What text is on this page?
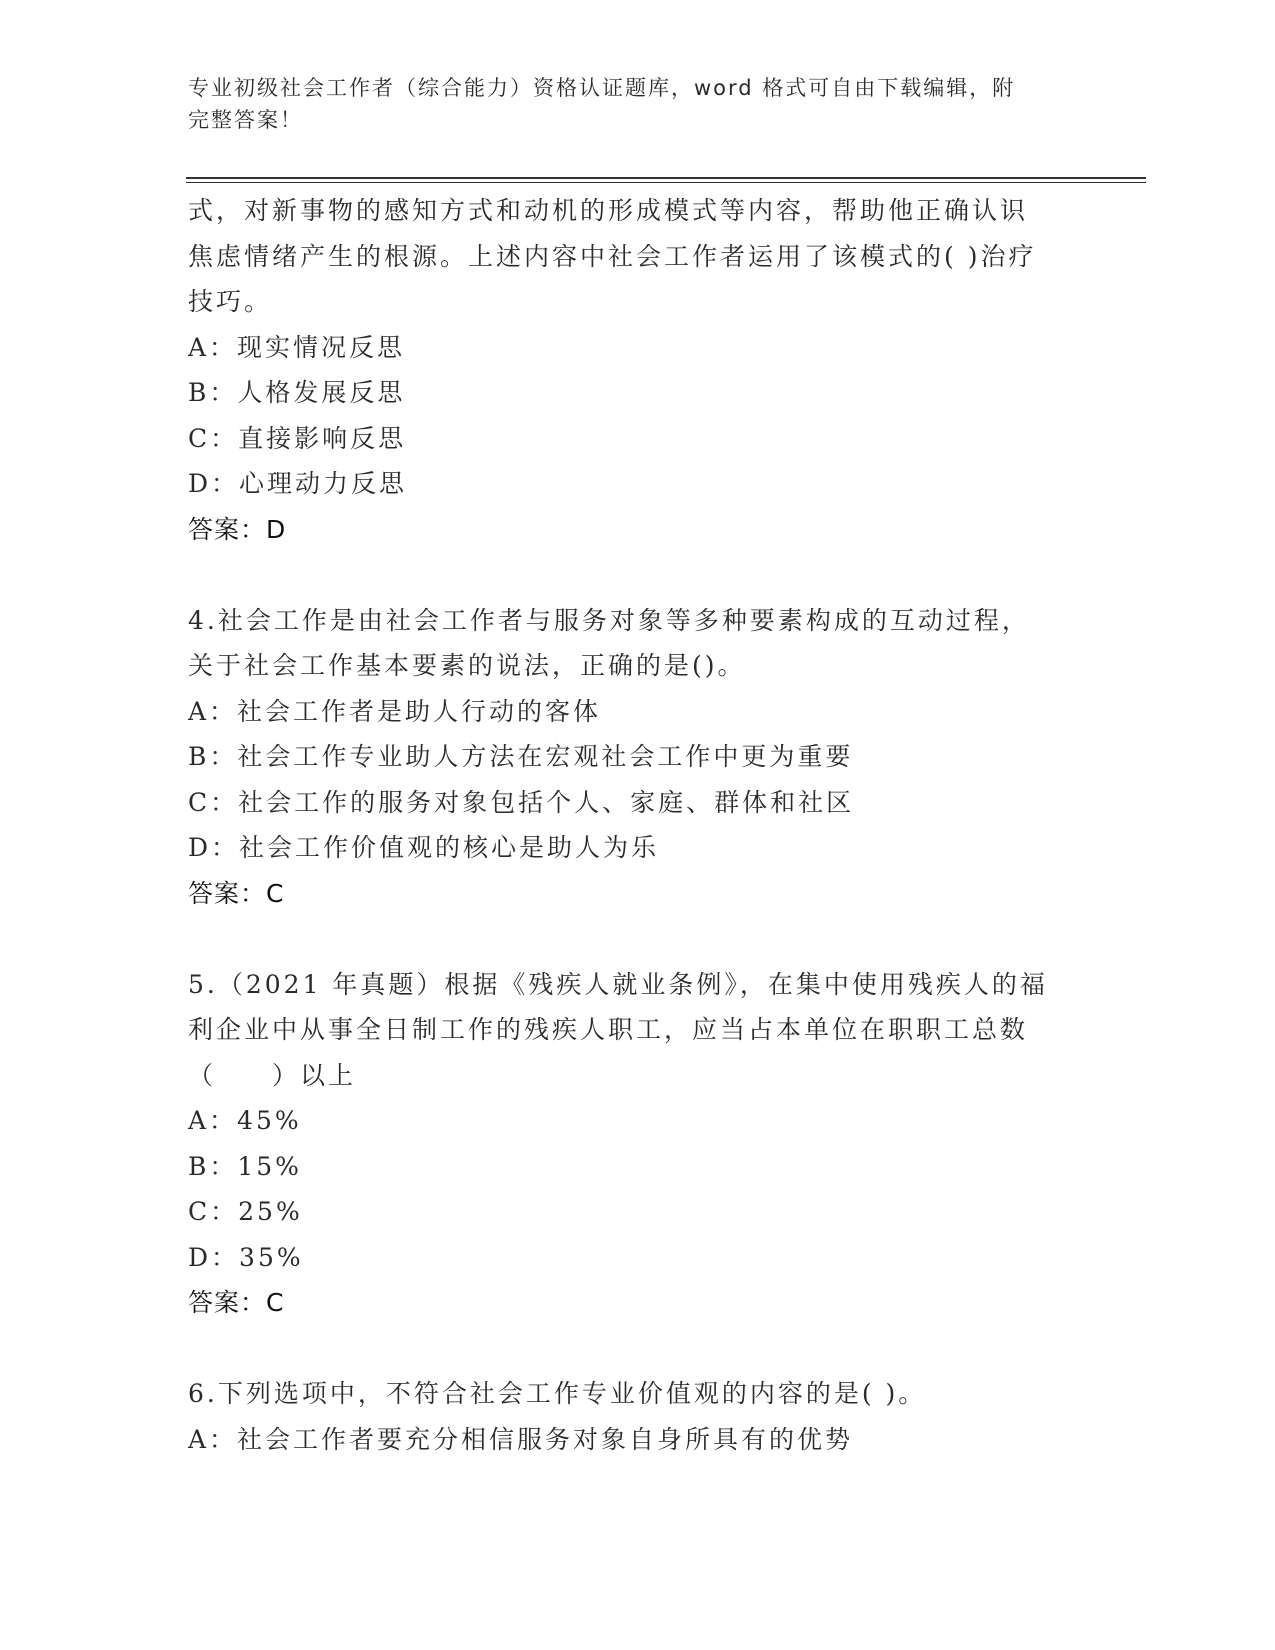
专业初级社会工作者（综合能力）资格认证题库，word 格式可自由下载编辑，附
完整答案！
式，对新事物的感知方式和动机的形成模式等内容，帮助他正确认识
焦虑情绪产生的根源。上述内容中社会工作者运用了该模式的( )治疗
技巧。
A：现实情况反思
B：人格发展反思
C：直接影响反思
D：心理动力反思
答案：D
4.社会工作是由社会工作者与服务对象等多种要素构成的互动过程，
关于社会工作基本要素的说法，正确的是()。
A：社会工作者是助人行动的客体
B：社会工作专业助人方法在宏观社会工作中更为重要
C：社会工作的服务对象包括个人、家庭、群体和社区
D：社会工作价值观的核心是助人为乐
答案：C
5.（2021 年真题）根据《残疾人就业条例》，在集中使用残疾人的福
利企业中从事全日制工作的残疾人职工，应当占本单位在职职工总数
（　　）以上
A：45%
B：15%
C：25%
D：35%
答案：C
6.下列选项中，不符合社会工作专业价值观的内容的是( )。
A：社会工作者要充分相信服务对象自身所具有的优势
